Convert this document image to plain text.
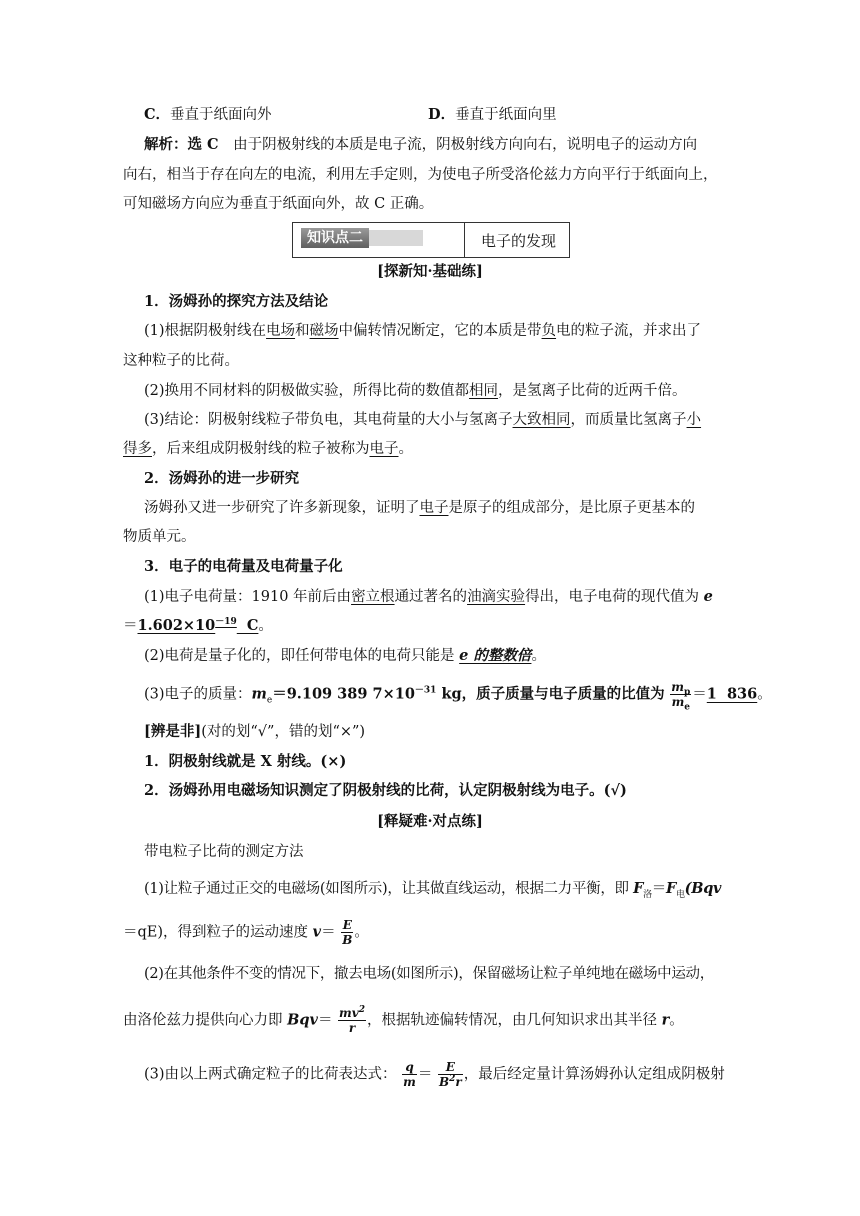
C．垂直于纸面向外	D．垂直于纸面向里
解析：选 C　由于阴极射线的本质是电子流，阴极射线方向向右，说明电子的运动方向
向右，相当于存在向左的电流，利用左手定则，为使电子所受洛伦兹力方向平行于纸面向上，
可知磁场方向应为垂直于纸面向外，故 C 正确。
知识点二	电子的发现
[探新知·基础练]
1．汤姆孙的探究方法及结论
(1)根据阴极射线在电场和磁场中偏转情况断定，它的本质是带负电的粒子流，并求出了
这种粒子的比荷。
(2)换用不同材料的阴极做实验，所得比荷的数值都相同，是氢离子比荷的近两千倍。
(3)结论：阴极射线粒子带负电，其电荷量的大小与氢离子大致相同，而质量比氢离子小
得多，后来组成阴极射线的粒子被称为电子。
2．汤姆孙的进一步研究
汤姆孙又进一步研究了许多新现象，证明了电子是原子的组成部分，是比原子更基本的
物质单元。
3．电子的电荷量及电荷量子化
(1)电子电荷量：1910 年前后由密立根通过著名的油滴实验得出，电子电荷的现代值为 e
$=1.602\times 10^{-19}$  C。
(2)电荷是量子化的，即任何带电体的电荷只能是 e 的整数倍。
(3)电子的质量：$m_e=9.109$ 389 $7\times 10^{-31}$ kg，质子质量与电子质量的比值为 $\frac{m_p}{m_e} =1$  836。
[辨是非](对的划“√”，错的划“×”)
1．阴极射线就是 X 射线。(×)
2．汤姆孙用电磁场知识测定了阴极射线的比荷，认定阴极射线为电子。(√)
[释疑难·对点练]
带电粒子比荷的测定方法
(1)让粒子通过正交的电磁场(如图所示)，让其做直线运动，根据二力平衡，即 $F_洛=F_电(Bqv$
＝qE)，得到粒子的运动速度 $v= \frac{E}{B}$ 。
(2)在其他条件不变的情况下，撤去电场(如图所示)，保留磁场让粒子单纯地在磁场中运动，
由洛伦兹力提供向心力即 $Bqv= \frac{mv^2}{r}$ ，根据轨迹偏转情况，由几何知识求出其半径 r。
(3)由以上两式确定粒子的比荷表达式： $\frac{q}{m} = \frac{E}{B^2r}$ ，最后经定量计算汤姆孙认定组成阴极射
